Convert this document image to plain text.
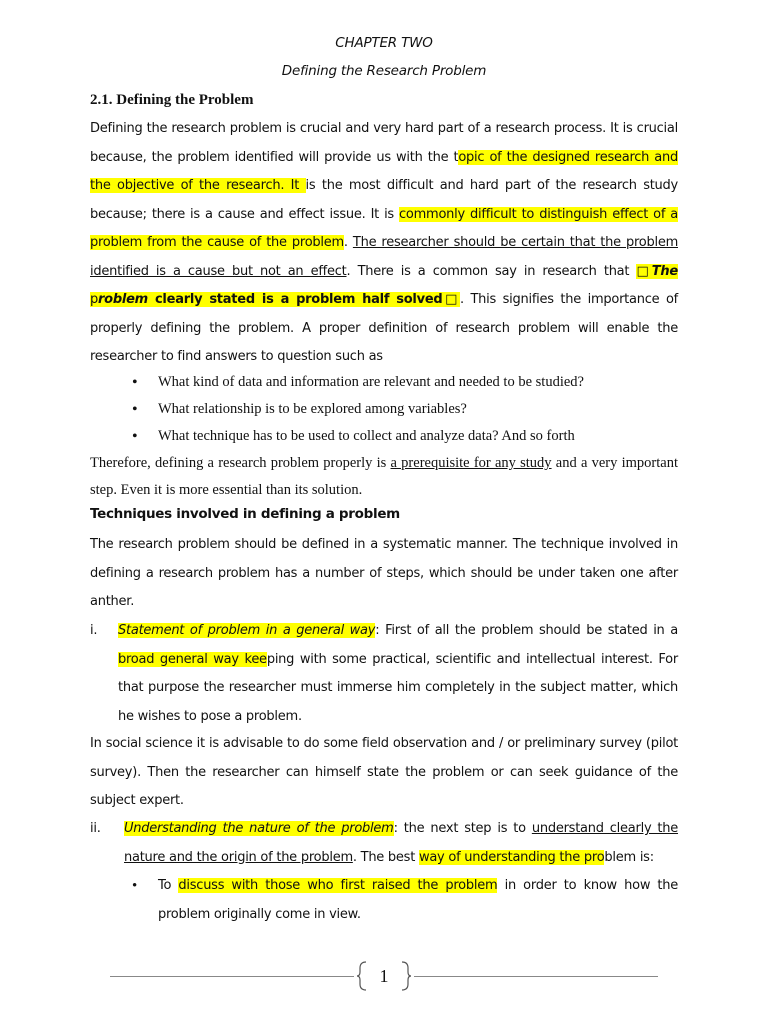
CHAPTER TWO
Defining the Research Problem
2.1. Defining the Problem
Defining the research problem is crucial and very hard part of a research process. It is crucial because, the problem identified will provide us with the topic of the designed research and the objective of the research. It is the most difficult and hard part of the research study because; there is a cause and effect issue. It is commonly difficult to distinguish effect of a problem from the cause of the problem. The researcher should be certain that the problem identified is a cause but not an effect. There is a common say in research that □The problem clearly stated is a problem half solved□. This signifies the importance of properly defining the problem. A proper definition of research problem will enable the researcher to find answers to question such as
• What kind of data and information are relevant and needed to be studied?
• What relationship is to be explored among variables?
• What technique has to be used to collect and analyze data? And so forth
Therefore, defining a research problem properly is a prerequisite for any study and a very important step. Even it is more essential than its solution.
Techniques involved in defining a problem
The research problem should be defined in a systematic manner. The technique involved in defining a research problem has a number of steps, which should be under taken one after anther.
i. Statement of problem in a general way: First of all the problem should be stated in a broad general way keeping with some practical, scientific and intellectual interest. For that purpose the researcher must immerse him completely in the subject matter, which he wishes to pose a problem.
In social science it is advisable to do some field observation and / or preliminary survey (pilot survey). Then the researcher can himself state the problem or can seek guidance of the subject expert.
ii. Understanding the nature of the problem: the next step is to understand clearly the nature and the origin of the problem. The best way of understanding the problem is:
• To discuss with those who first raised the problem in order to know how the problem originally come in view.
1
